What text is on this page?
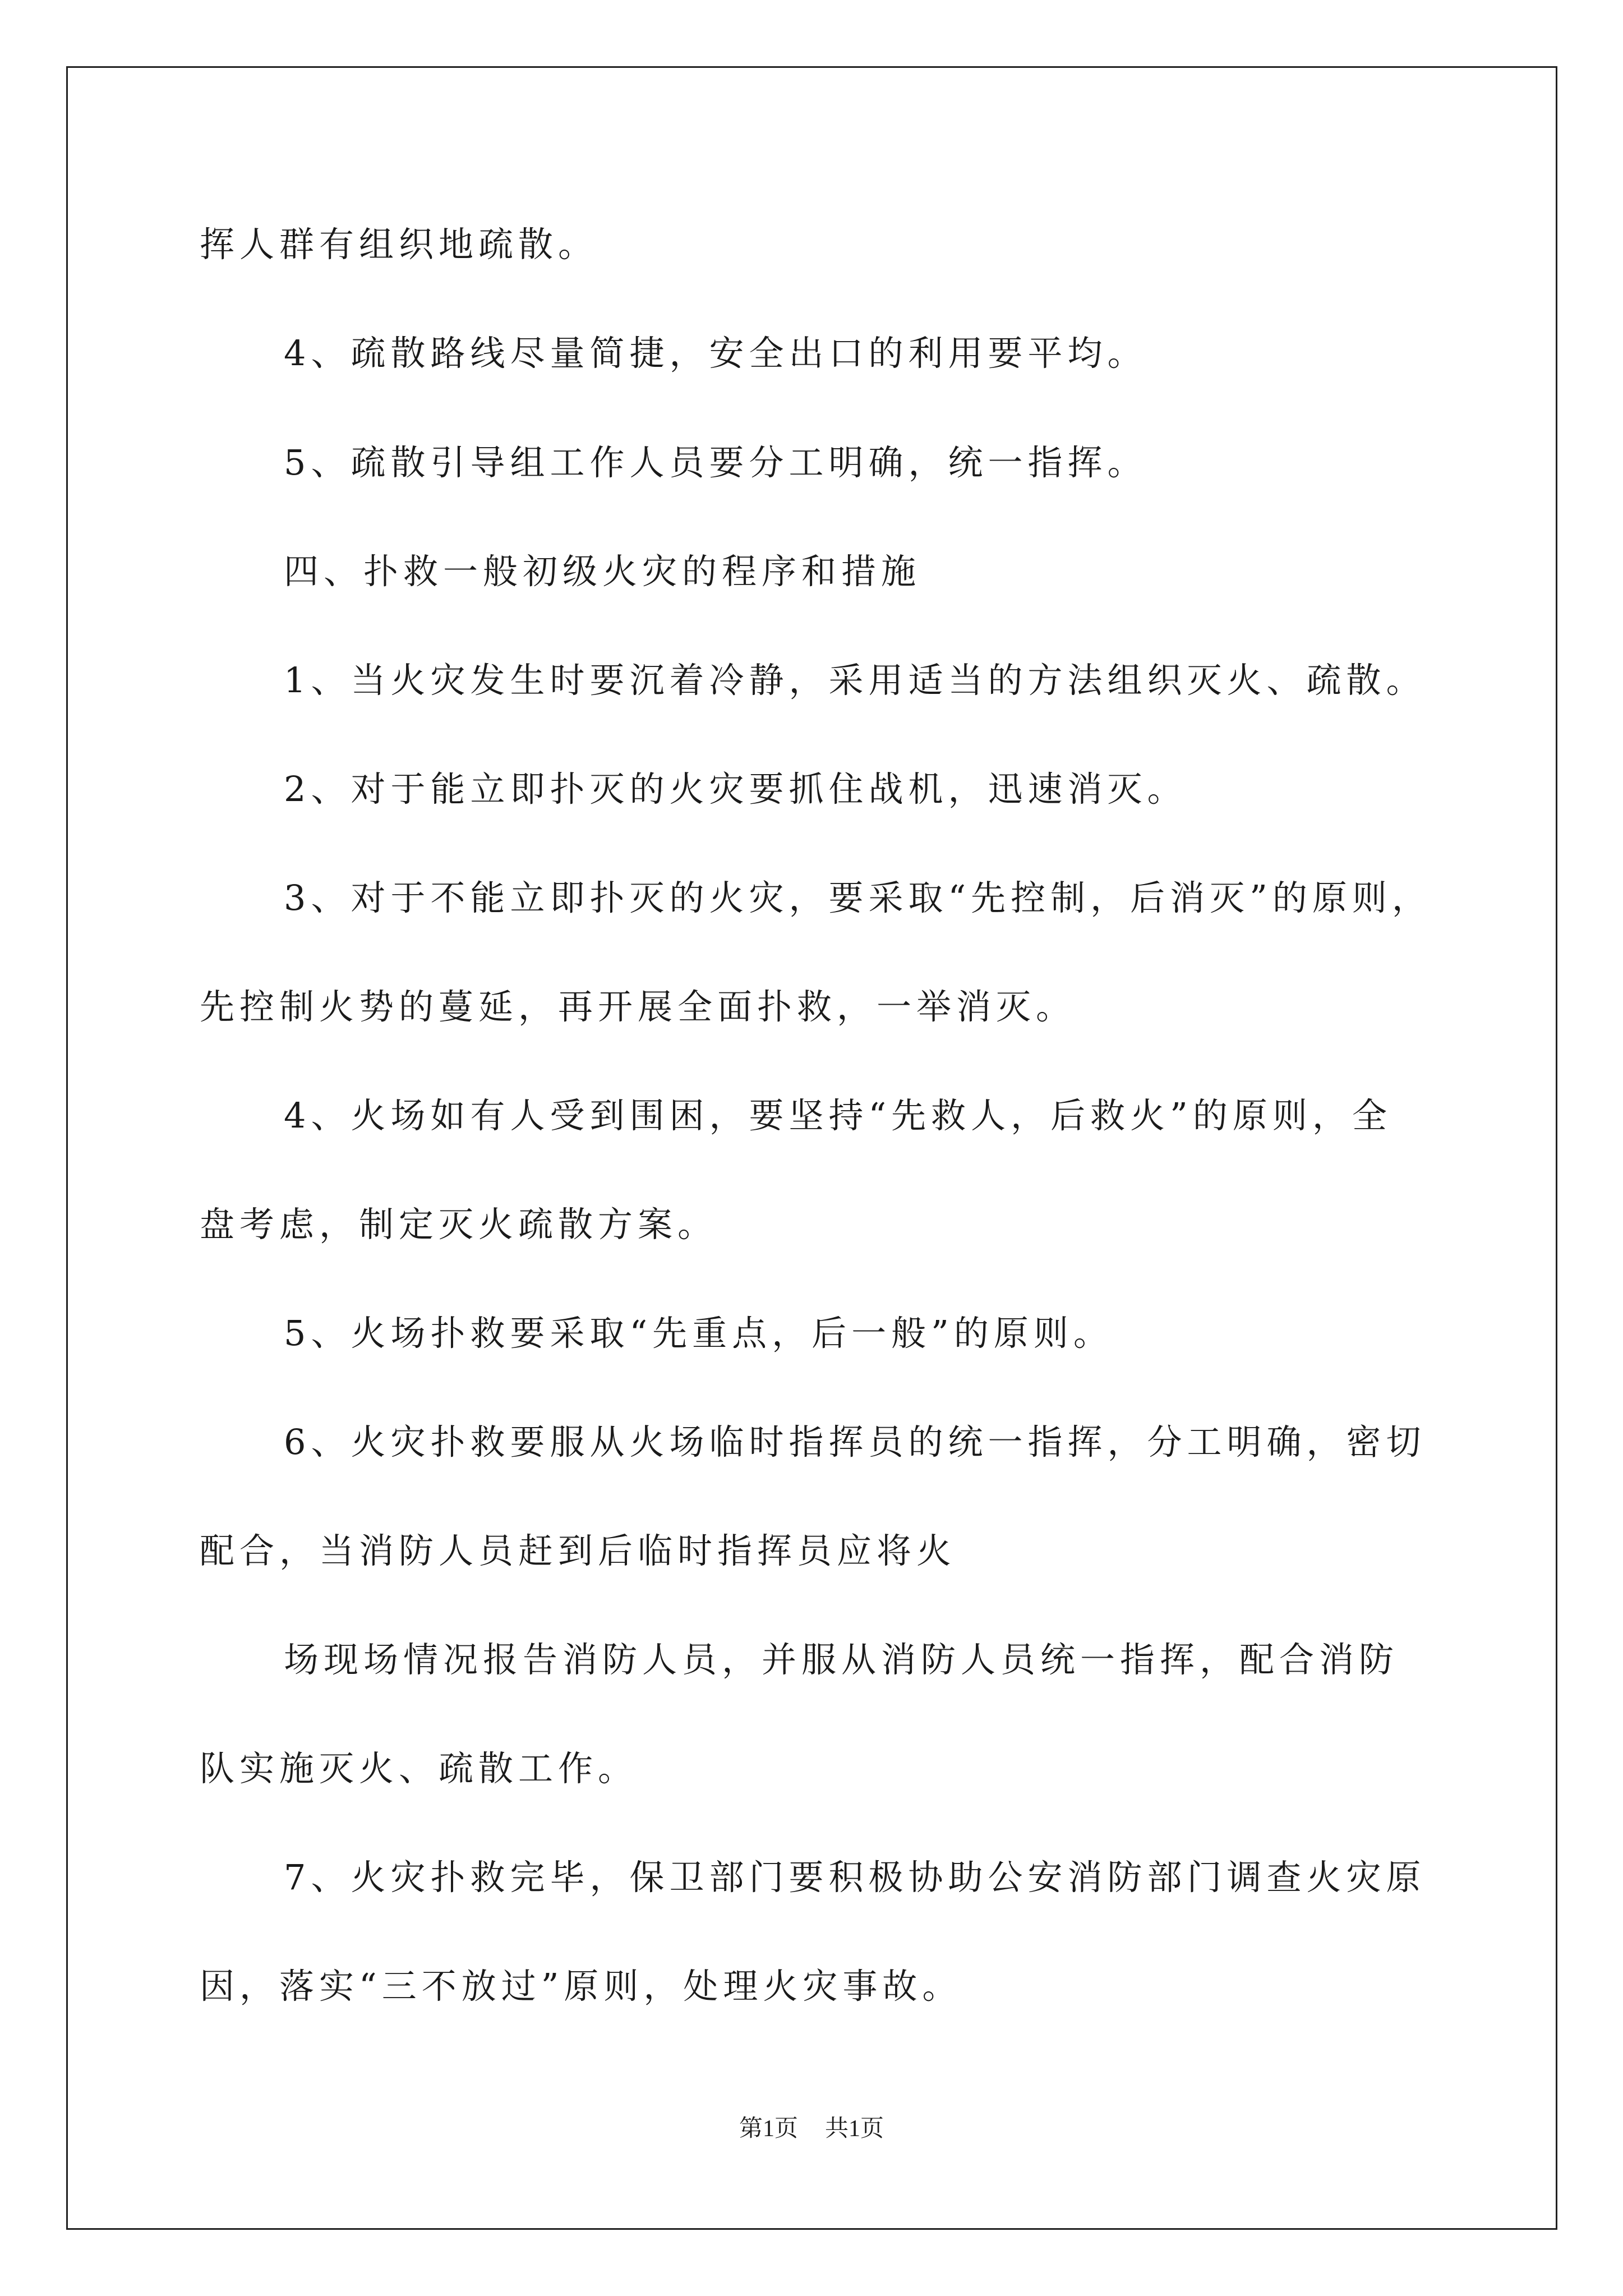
挥人群有组织地疏散。
4、疏散路线尽量简捷，安全出口的利用要平均。
5、疏散引导组工作人员要分工明确，统一指挥。
四、扑救一般初级火灾的程序和措施
1、当火灾发生时要沉着冷静，采用适当的方法组织灭火、疏散。
2、对于能立即扑灭的火灾要抓住战机，迅速消灭。
3、对于不能立即扑灭的火灾，要采取“先控制，后消灭”的原则，
先控制火势的蔓延，再开展全面扑救，一举消灭。
4、火场如有人受到围困，要坚持“先救人，后救火”的原则，全
盘考虑，制定灭火疏散方案。
5、火场扑救要采取“先重点，后一般”的原则。
6、火灾扑救要服从火场临时指挥员的统一指挥，分工明确，密切
配合，当消防人员赶到后临时指挥员应将火
场现场情况报告消防人员，并服从消防人员统一指挥，配合消防
队实施灭火、疏散工作。
7、火灾扑救完毕，保卫部门要积极协助公安消防部门调查火灾原
因，落实“三不放过”原则，处理火灾事故。
第1页 共1页
